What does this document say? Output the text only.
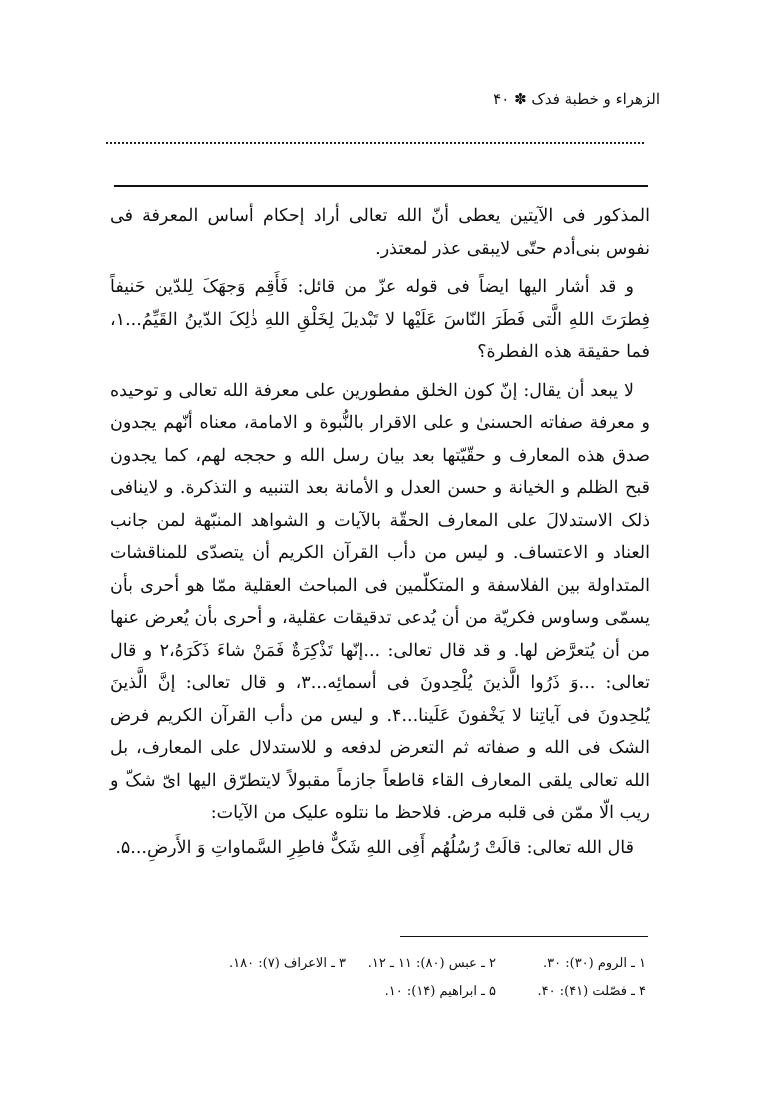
الزهراء و خطبة فدک ✽ ۴۰

المذکور فی الآیتین یعطی أنّ الله تعالی أراد إحکام أساس المعرفة فی نفوس بنی‌أدم حتّی لایبقی عذر لمعتذر.

و قد أشار الیها ایضاً فی قوله عزّ من قائل: فَأَقِم وَجهَکَ لِلدّین حَنیفاً فِطرَتَ اللهِ الَّتی فَطَرَ النّاسَ عَلَیْها لا تَبْدیلَ لِخَلْقِ اللهِ ذٰلِکَ الدّینُ القَیِّمُ...١، فما حقیقة هذه الفطرة؟

لا یبعد أن یقال: إنّ کون الخلق مفطورین علی معرفة الله تعالی و توحیده و معرفة صفاته الحسنیٰ و علی الاقرار بالنُّبوة و الامامة، معناه أنّهم یجدون صدق هذه المعارف و حقّیّتها بعد بیان رسل الله و حججه لهم، کما یجدون قبح الظلم و الخیانة و حسن العدل و الأمانة بعد التنبیه و التذکرة. و لاینافی ذلک الاستدلالَ علی المعارف الحقّة بالآیات و الشواهد المنبّهة لمن جانب العناد و الاعتساف. و لیس من دأب القرآن الکریم أن یتصدّی للمناقشات المتداولة بین الفلاسفة و المتکلّمین فی المباحث العقلیة ممّا هو أحری بأن یسمّی وساوس فکریّة من أن یُدعی تدقیقات عقلیة، و أحری بأن یُعرض عنها من أن یُتعرَّض لها. و قد قال تعالی: ...إنّها تَذْکِرَةٌ فَمَنْ شاءَ ذَکَرَهُ،٢ و قال تعالی: ...وَ ذَرُوا الَّذینَ یُلْحِدونَ فی أسمائِه...٣، و قال تعالی: إنَّ الَّذینَ یُلحِدونَ فی آیاتِنا لا یَخْفونَ عَلَینا...۴. و لیس من دأب القرآن الکریم فرض الشک فی الله و صفاته ثم التعرض لدفعه و للاستدلال علی المعارف، بل الله تعالی یلقی المعارف القاء قاطعاً جازماً مقبولاً لایتطرّق الیها ایّ شکّ و ریب الّا ممّن فی قلبه مرض. فلاحظ ما نتلوه علیک من الآیات:

قال الله تعالی: قالَتْ رُسُلُهُم أَفِی اللهِ شَکٌّ فاطِرِ السَّماواتِ وَ الأَرضِ...۵.

١ ـ الروم (٣٠): ٣٠.
٢ ـ عبس (٨٠): ١١ ـ ١٢.
٣ ـ الاعراف (٧): ١٨٠.
۴ ـ فصّلت (۴١): ۴٠.
۵ ـ ابراهیم (١۴): ١٠.
